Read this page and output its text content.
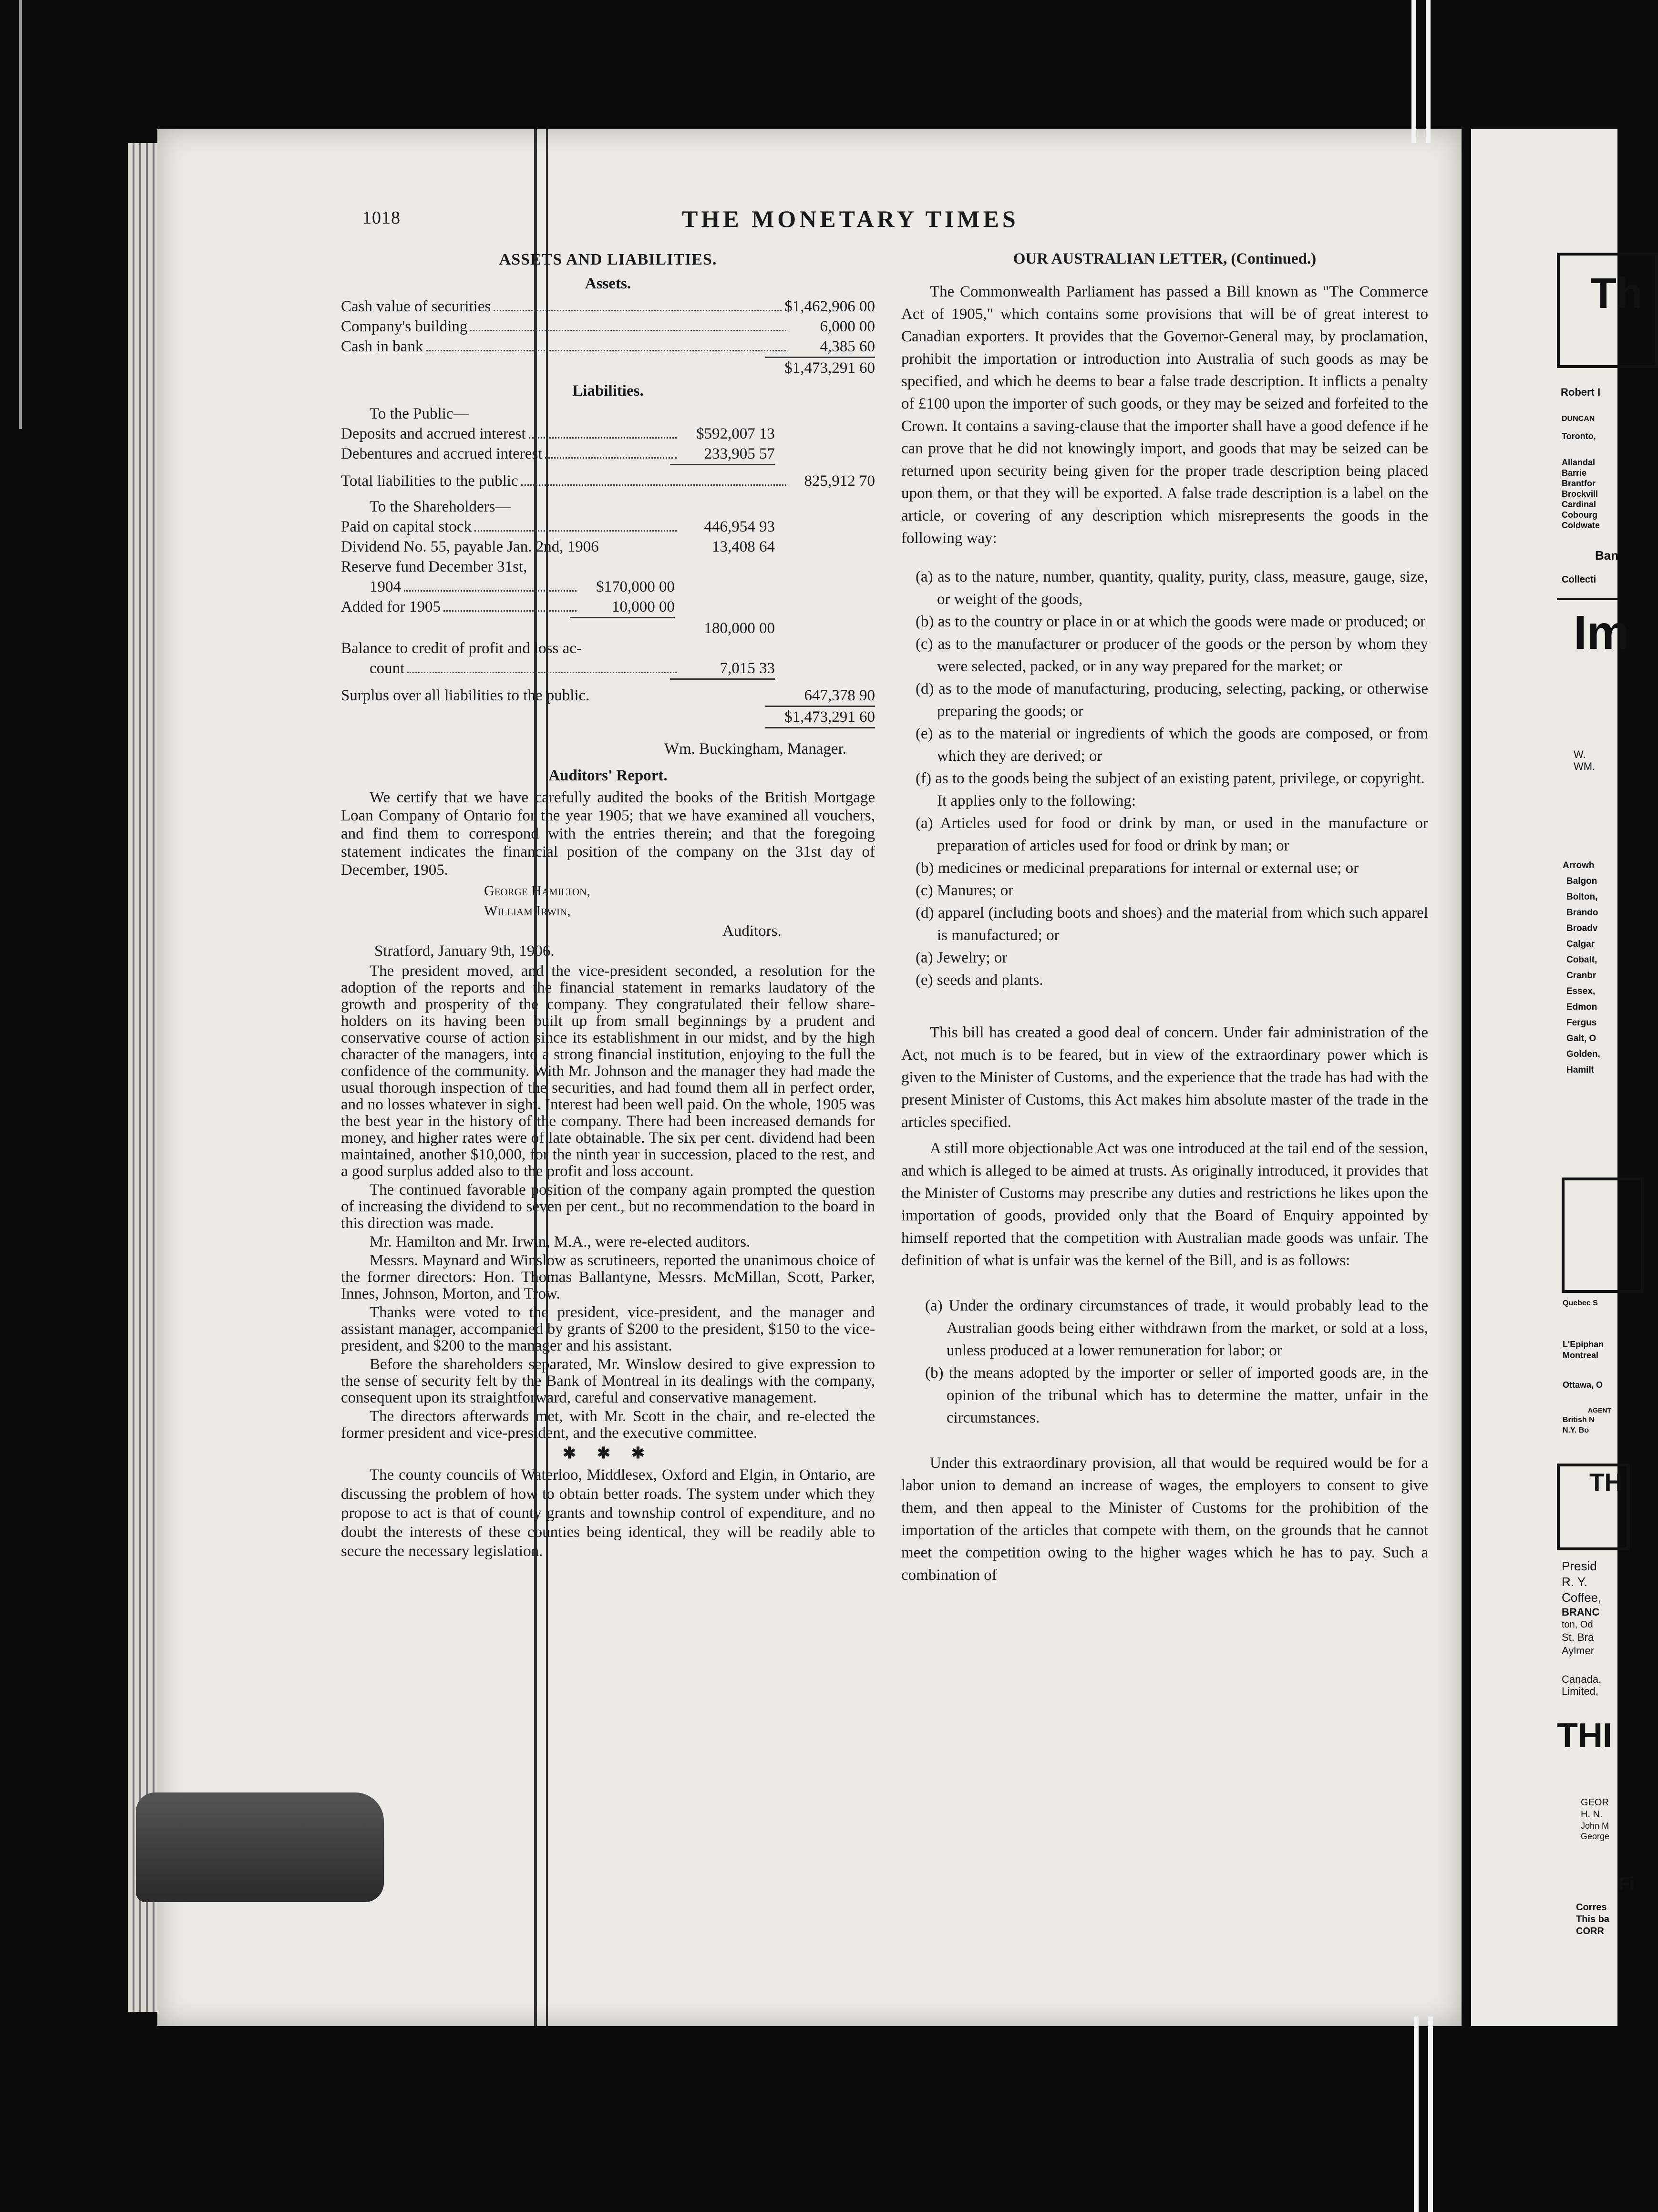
1018	THE MONETARY TIMES
ASSETS AND LIABILITIES.
Assets.
Cash value of securities	$1,462,906 00
Company's building	6,000 00
Cash in bank	4,385 60
$1,473,291 60
Liabilities.
To the Public—
Deposits and accrued interest	$592,007 13
Debentures and accrued interest	233,905 57
Total liabilities to the public	825,912 70
To the Shareholders—
Paid on capital stock	446,954 93
Dividend No. 55, payable Jan. 2nd, 1906	13,408 64
Reserve fund December 31st,
1904	$170,000 00
Added for 1905	10,000 00
180,000 00
Balance to credit of profit and loss ac-
count	7,015 33
Surplus over all liabilities to the public.	647,378 90
$1,473,291 60
Wm. Buckingham, Manager.
Auditors' Report.

We certify that we have carefully audited the books of the British Mortgage Loan Company of Ontario for the year 1905; that we have examined all vouchers, and find them to correspond with the entries therein; and that the foregoing statement indicates the financial position of the company on the 31st day of December, 1905.

George Hamilton,
William Irwin,
Auditors.
Stratford, January 9th, 1906.

The president moved, and the vice-president seconded, a resolution for the adoption of the reports and the financial statement in remarks laudatory of the growth and prosperity of the company. They congratulated their fellow share-holders on its having been built up from small beginnings by a prudent and conservative course of action since its establishment in our midst, and by the high character of the managers, into a strong financial institution, enjoying to the full the confidence of the community. With Mr. Johnson and the manager they had made the usual thorough inspection of the securities, and had found them all in perfect order, and no losses whatever in sight. Interest had been well paid. On the whole, 1905 was the best year in the history of the company. There had been increased demands for money, and higher rates were of late obtainable. The six per cent. dividend had been maintained, another $10,000, for the ninth year in succession, placed to the rest, and a good surplus added also to the profit and loss account.

The continued favorable position of the company again prompted the question of increasing the dividend to seven per cent., but no recommendation to the board in this direction was made.

Mr. Hamilton and Mr. Irwin, M.A., were re-elected auditors.

Messrs. Maynard and Winslow as scrutineers, reported the unanimous choice of the former directors: Hon. Thomas Ballantyne, Messrs. McMillan, Scott, Parker, Innes, Johnson, Morton, and Trow.

Thanks were voted to the president, vice-president, and the manager and assistant manager, accompanied by grants of $200 to the president, $150 to the vice-president, and $200 to the manager and his assistant.

Before the shareholders separated, Mr. Winslow desired to give expression to the sense of security felt by the Bank of Montreal in its dealings with the company, consequent upon its straightforward, careful and conservative management.

The directors afterwards met, with Mr. Scott in the chair, and re-elected the former president and vice-president, and the executive committee.

✱ ✱ ✱

The county councils of Waterloo, Middlesex, Oxford and Elgin, in Ontario, are discussing the problem of how to obtain better roads. The system under which they propose to act is that of county grants and township control of expenditure, and no doubt the interests of these counties being identical, they will be readily able to secure the necessary legislation.

OUR AUSTRALIAN LETTER, (Continued.)

The Commonwealth Parliament has passed a Bill known as "The Commerce Act of 1905," which contains some provisions that will be of great interest to Canadian exporters. It provides that the Governor-General may, by proclamation, prohibit the importation or introduction into Australia of such goods as may be specified, and which he deems to bear a false trade description. It inflicts a penalty of £100 upon the importer of such goods, or they may be seized and forfeited to the Crown. It contains a saving-clause that the importer shall have a good defence if he can prove that he did not knowingly import, and goods that may be seized can be returned upon security being given for the proper trade description being placed upon them, or that they will be exported. A false trade description is a label on the article, or covering of any description which misrepresents the goods in the following way:

(a) as to the nature, number, quantity, quality, purity, class, measure, gauge, size, or weight of the goods,

(b) as to the country or place in or at which the goods were made or produced; or

(c) as to the manufacturer or producer of the goods or the person by whom they were selected, packed, or in any way prepared for the market; or

(d) as to the mode of manufacturing, producing, selecting, packing, or otherwise preparing the goods; or

(e) as to the material or ingredients of which the goods are composed, or from which they are derived; or

(f) as to the goods being the subject of an existing patent, privilege, or copyright.

It applies only to the following:

(a) Articles used for food or drink by man, or used in the manufacture or preparation of articles used for food or drink by man; or

(b) medicines or medicinal preparations for internal or external use; or

(c) Manures; or

(d) apparel (including boots and shoes) and the material from which such apparel is manufactured; or

(a) Jewelry; or

(e) seeds and plants.

This bill has created a good deal of concern. Under fair administration of the Act, not much is to be feared, but in view of the extraordinary power which is given to the Minister of Customs, and the experience that the trade has had with the present Minister of Customs, this Act makes him absolute master of the trade in the articles specified.

A still more objectionable Act was one introduced at the tail end of the session, and which is alleged to be aimed at trusts. As originally introduced, it provides that the Minister of Customs may prescribe any duties and restrictions he likes upon the importation of goods, provided only that the Board of Enquiry appointed by himself reported that the competition with Australian made goods was unfair. The definition of what is unfair was the kernel of the Bill, and is as follows:

(a) Under the ordinary circumstances of trade, it would probably lead to the Australian goods being either withdrawn from the market, or sold at a loss, unless produced at a lower remuneration for labor; or

(b) the means adopted by the importer or seller of imported goods are, in the opinion of the tribunal which has to determine the matter, unfair in the circumstances.

Under this extraordinary provision, all that would be required would be for a labor union to demand an increase of wages, the employers to consent to give them, and then appeal to the Minister of Customs for the prohibition of the importation of the articles that compete with them, on the grounds that he cannot meet the competition owing to the higher wages which he has to pay. Such a combination of

Th
Robert I
DUNCAN
Toronto,
Allandal
Barrie
Brantfor
Brockvill
Cardinal
Cobourg
Coldwate
Ban
Collecti
Im
W.
WM.
Arrowh
Balgon
Bolton,
Brando
Broadv
Calgar
Cobalt,
Cranbr
Essex,
Edmon
Fergus
Galt, O
Golden,
Hamilt
Quebec S
L'Epiphan
Montreal
Ottawa, O
AGENT
British N
N.Y. Bo
TH
Presid
R. Y.
Coffee,
BRANC
ton, Od
St. Bra
Aylmer
Canada,
Limited,
THI
GEOR
H. N.
John M
George
Fi
Corres
This ba
CORR
